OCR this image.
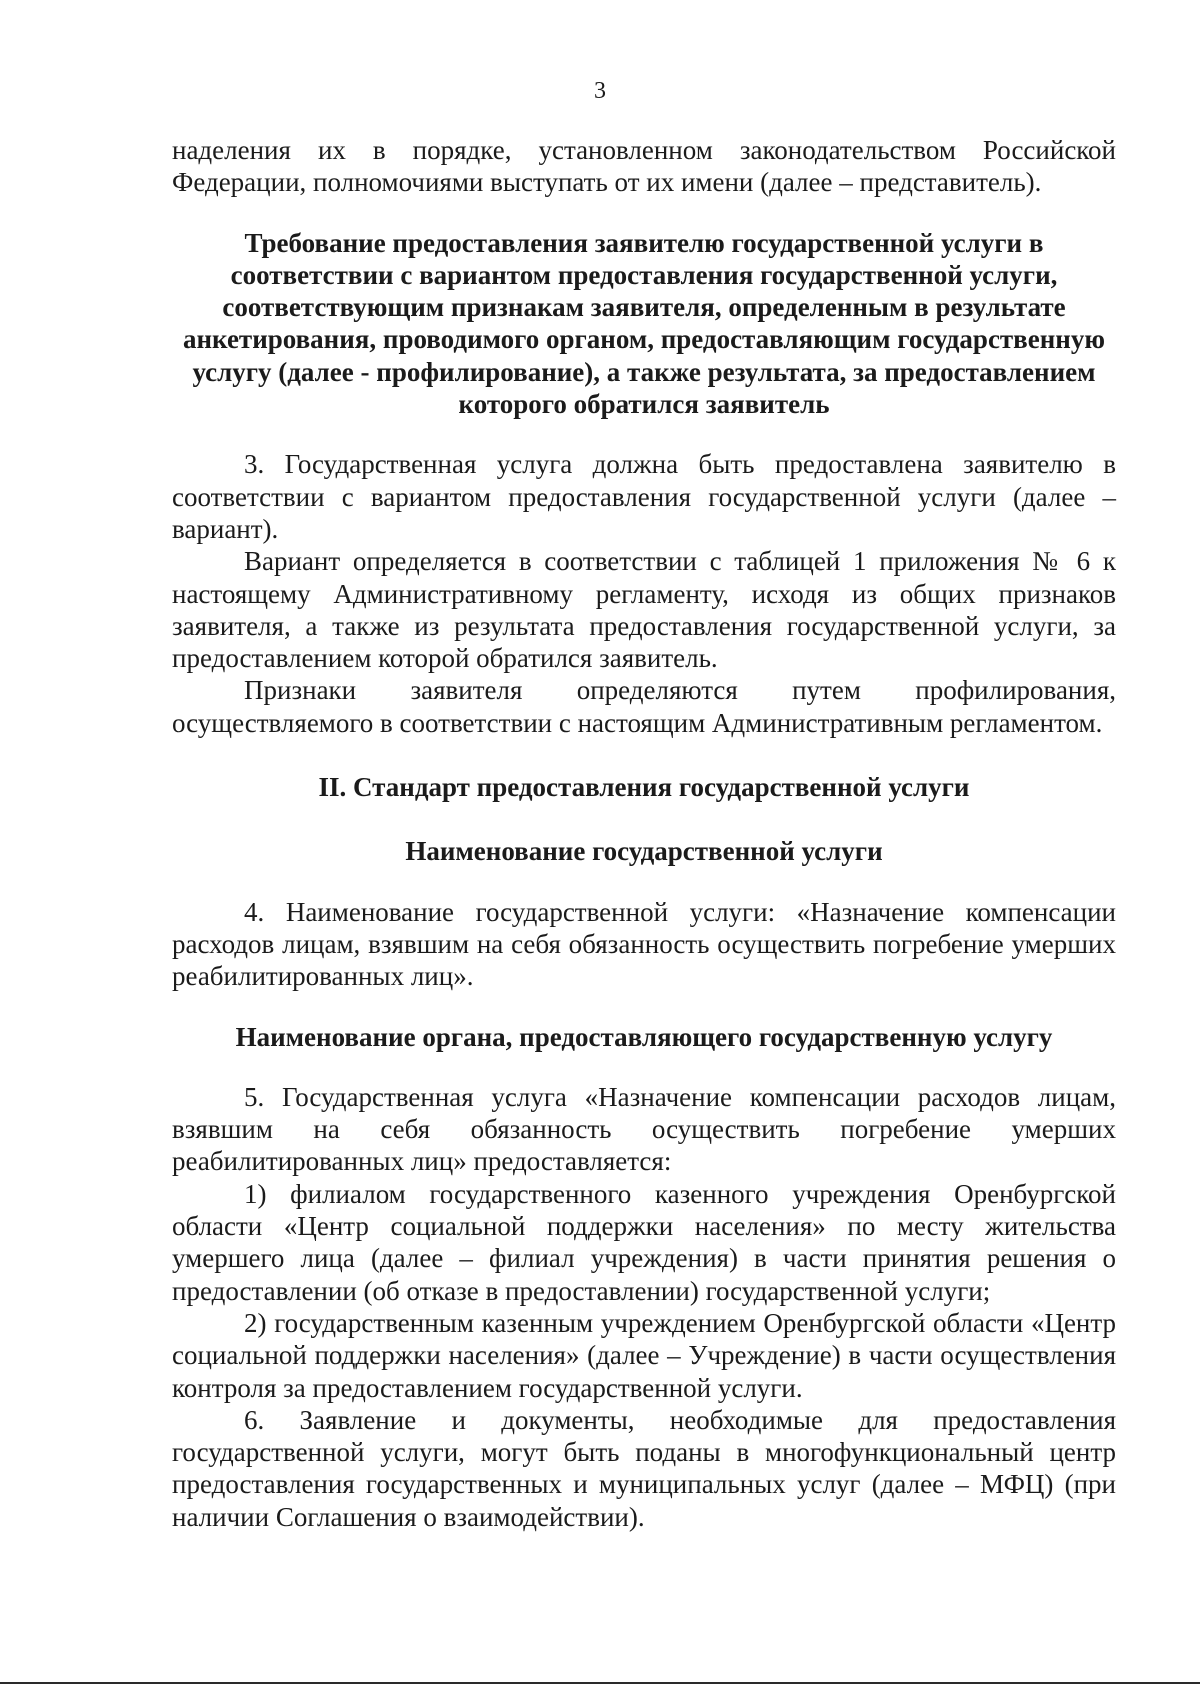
3

наделения их в порядке, установленном законодательством Российской Федерации, полномочиями выступать от их имени (далее – представитель).

Требование предоставления заявителю государственной услуги в соответствии с вариантом предоставления государственной услуги, соответствующим признакам заявителя, определенным в результате анкетирования, проводимого органом, предоставляющим государственную услугу (далее - профилирование), а также результата, за предоставлением которого обратился заявитель

3. Государственная услуга должна быть предоставлена заявителю в соответствии с вариантом предоставления государственной услуги (далее – вариант).

Вариант определяется в соответствии с таблицей 1 приложения № 6 к настоящему Административному регламенту, исходя из общих признаков заявителя, а также из результата предоставления государственной услуги, за предоставлением которой обратился заявитель.

Признаки заявителя определяются путем профилирования, осуществляемого в соответствии с настоящим Административным регламентом.

II. Стандарт предоставления государственной услуги

Наименование государственной услуги

4. Наименование государственной услуги: «Назначение компенсации расходов лицам, взявшим на себя обязанность осуществить погребение умерших реабилитированных лиц».

Наименование органа, предоставляющего государственную услугу

5. Государственная услуга «Назначение компенсации расходов лицам, взявшим на себя обязанность осуществить погребение умерших реабилитированных лиц» предоставляется:

1) филиалом государственного казенного учреждения Оренбургской области «Центр социальной поддержки населения» по месту жительства умершего лица (далее – филиал учреждения) в части принятия решения о предоставлении (об отказе в предоставлении) государственной услуги;

2) государственным казенным учреждением Оренбургской области «Центр социальной поддержки населения» (далее – Учреждение) в части осуществления контроля за предоставлением государственной услуги.

6. Заявление и документы, необходимые для предоставления государственной услуги, могут быть поданы в многофункциональный центр предоставления государственных и муниципальных услуг (далее – МФЦ) (при наличии Соглашения о взаимодействии).
